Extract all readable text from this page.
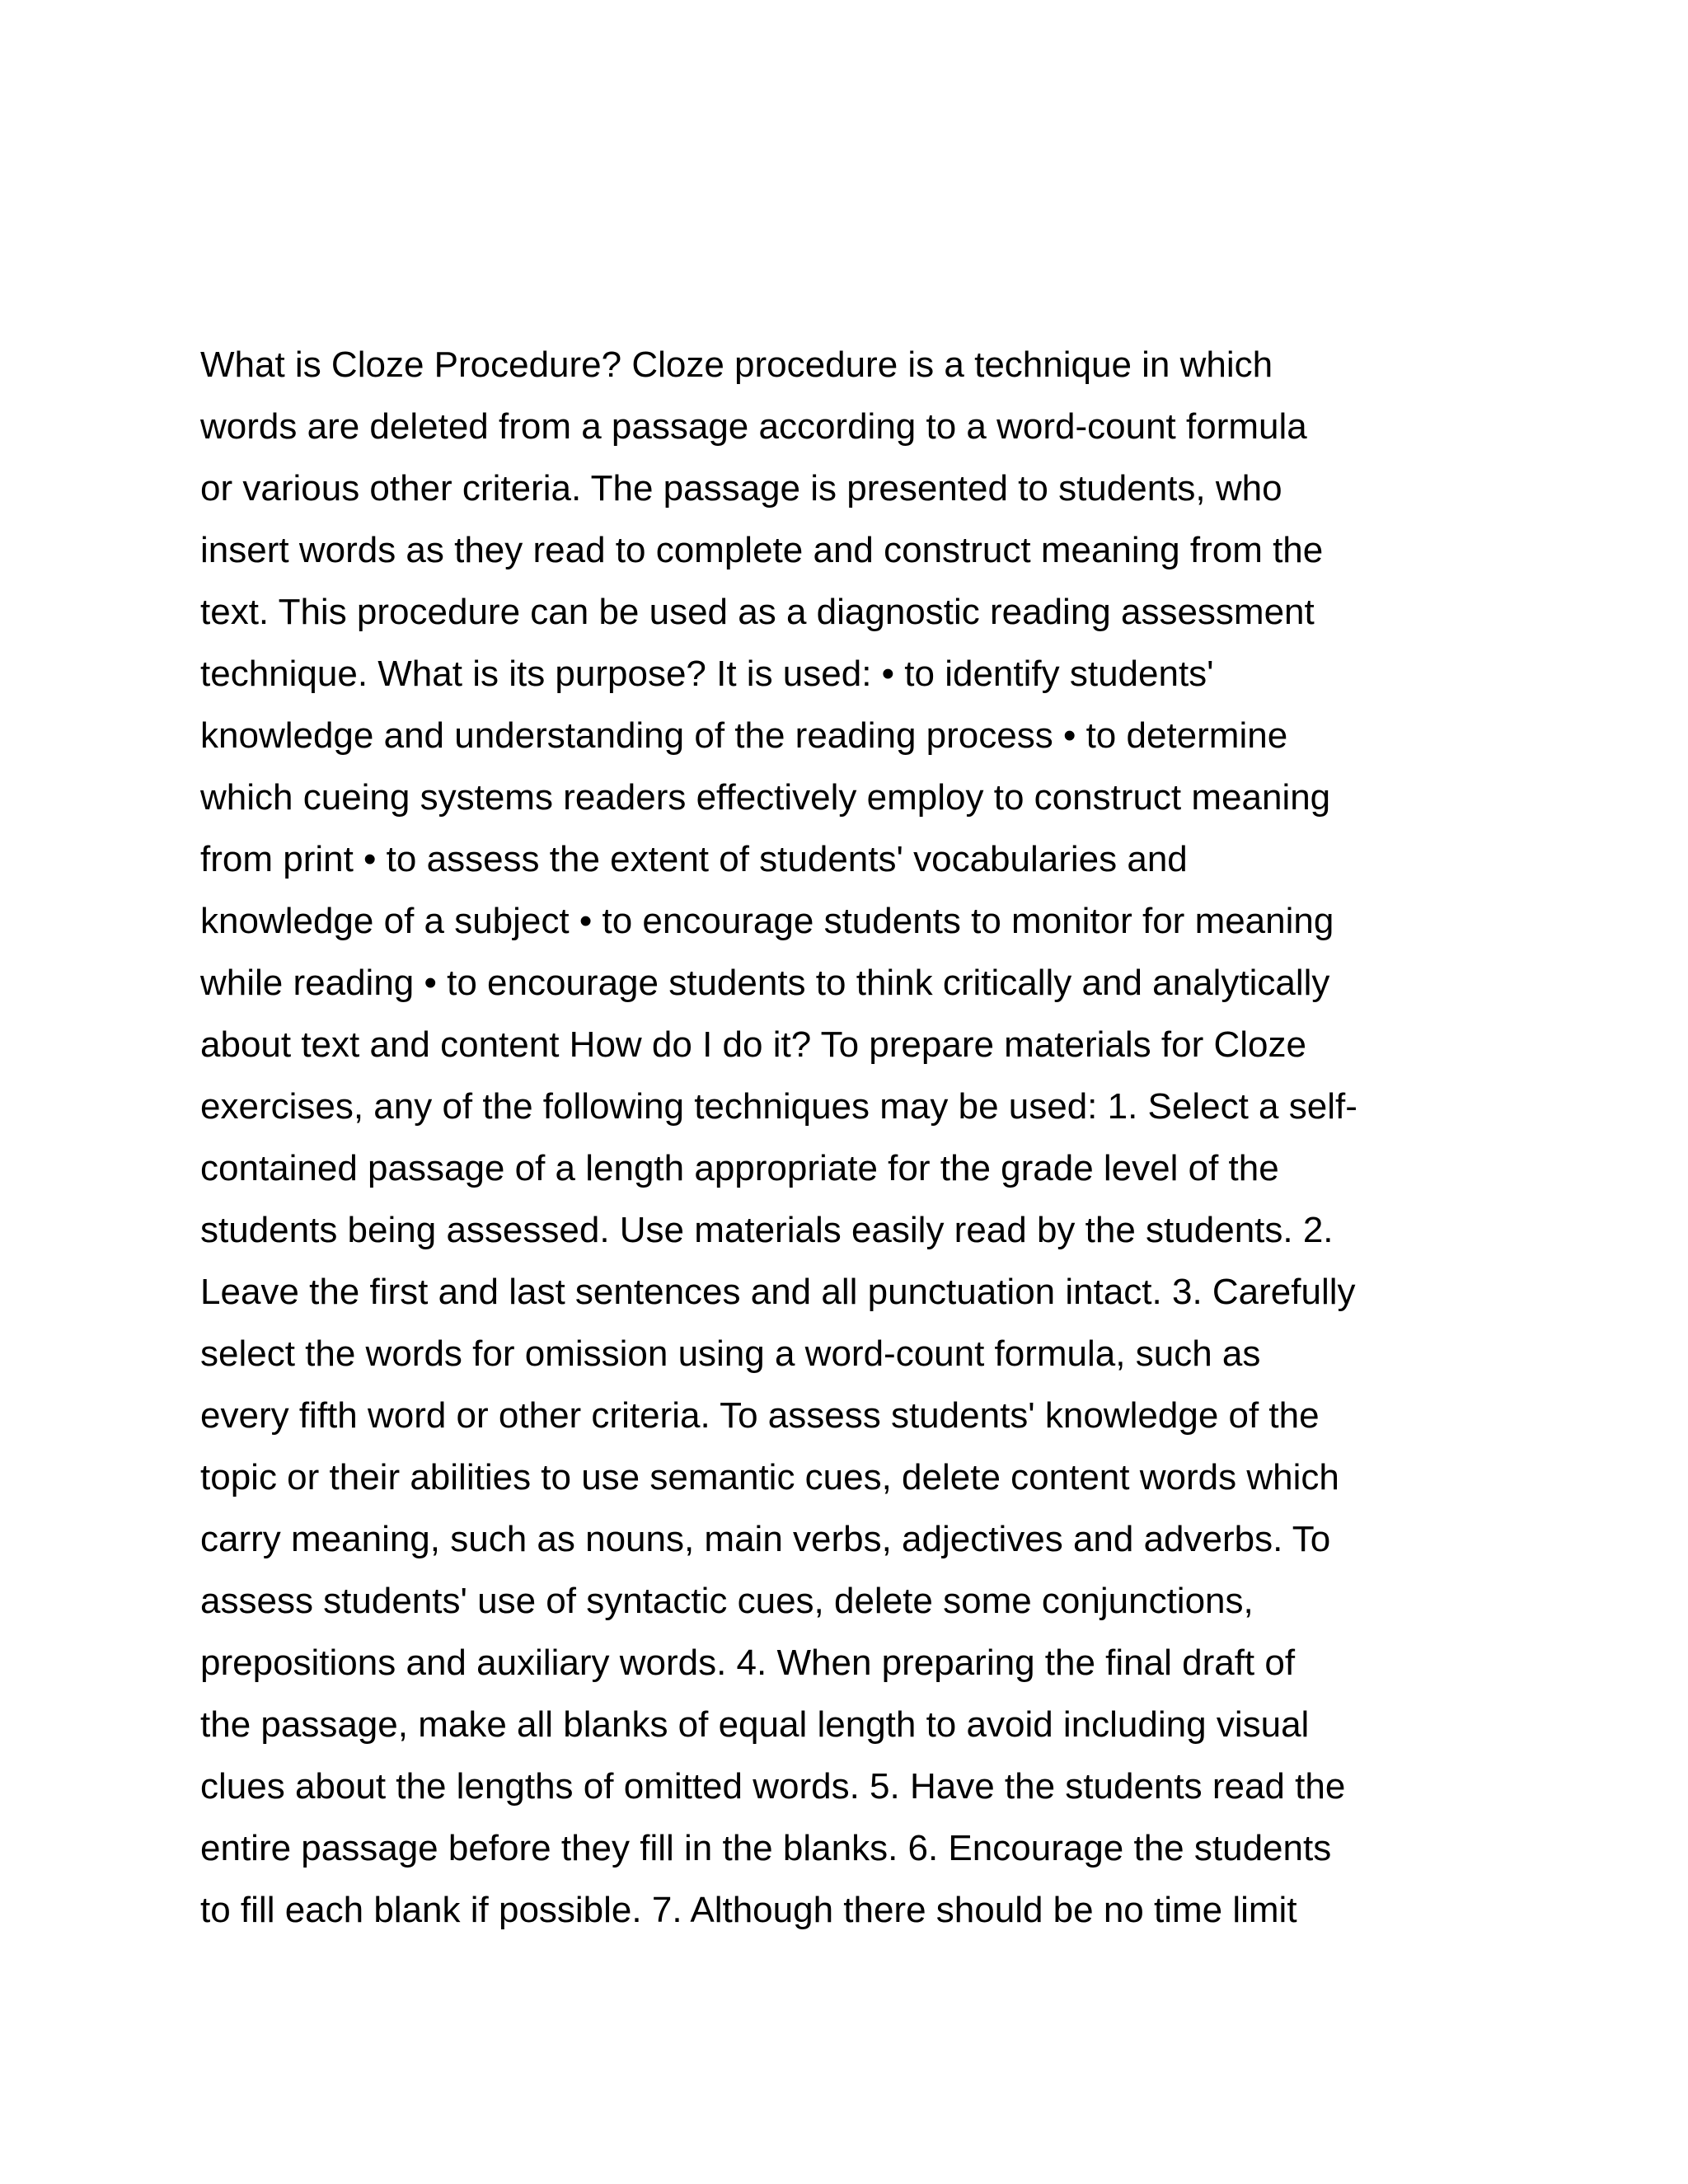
What is Cloze Procedure? Cloze procedure is a technique in which
words are deleted from a passage according to a word-count formula
or various other criteria. The passage is presented to students, who
insert words as they read to complete and construct meaning from the
text. This procedure can be used as a diagnostic reading assessment
technique. What is its purpose? It is used: • to identify students'
knowledge and understanding of the reading process • to determine
which cueing systems readers effectively employ to construct meaning
from print • to assess the extent of students' vocabularies and
knowledge of a subject • to encourage students to monitor for meaning
while reading • to encourage students to think critically and analytically
about text and content How do I do it? To prepare materials for Cloze
exercises, any of the following techniques may be used: 1. Select a self-
contained passage of a length appropriate for the grade level of the
students being assessed. Use materials easily read by the students. 2.
Leave the first and last sentences and all punctuation intact. 3. Carefully
select the words for omission using a word-count formula, such as
every fifth word or other criteria. To assess students' knowledge of the
topic or their abilities to use semantic cues, delete content words which
carry meaning, such as nouns, main verbs, adjectives and adverbs. To
assess students' use of syntactic cues, delete some conjunctions,
prepositions and auxiliary words. 4. When preparing the final draft of
the passage, make all blanks of equal length to avoid including visual
clues about the lengths of omitted words. 5. Have the students read the
entire passage before they fill in the blanks. 6. Encourage the students
to fill each blank if possible. 7. Although there should be no time limit
